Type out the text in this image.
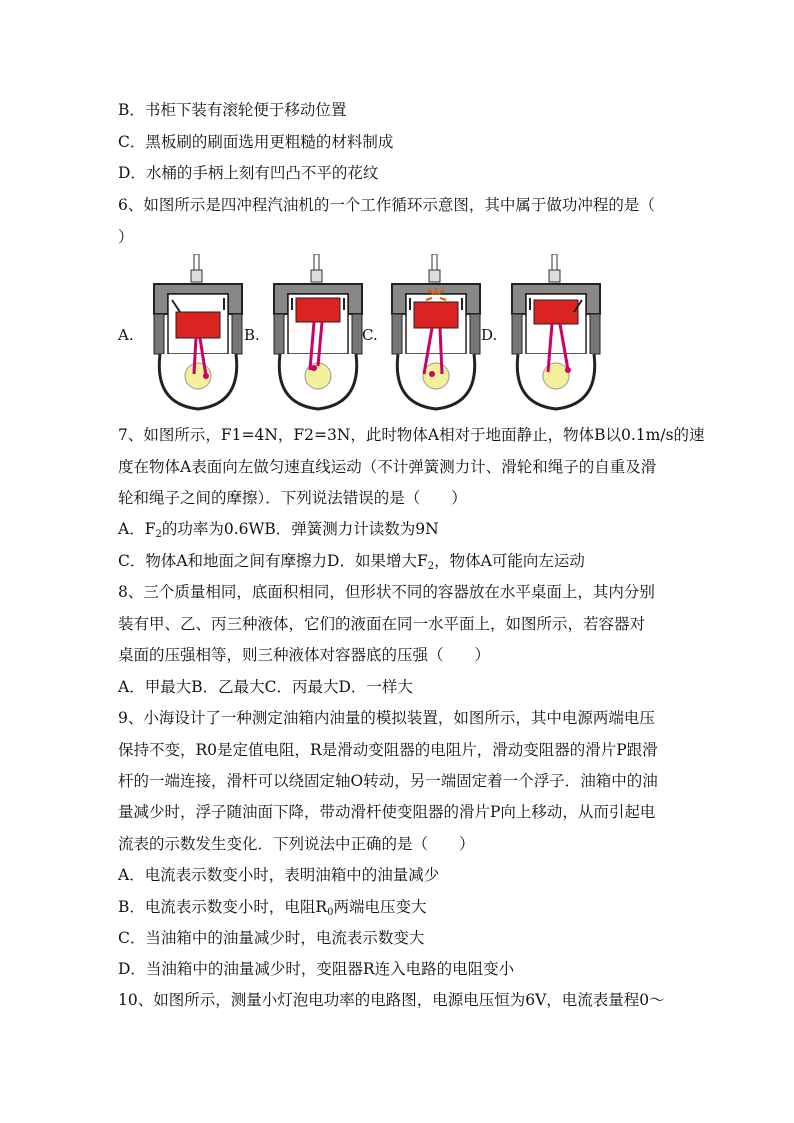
B．书柜下装有滚轮便于移动位置
C．黑板刷的刷面选用更粗糙的材料制成
D．水桶的手柄上刻有凹凸不平的花纹
6、如图所示是四冲程汽油机的一个工作循环示意图，其中属于做功冲程的是（
）
A.	B.	C.	D.
7、如图所示，F1=4N，F2=3N，此时物体A相对于地面静止，物体B以0.1m/s的速
度在物体A表面向左做匀速直线运动（不计弹簧测力计、滑轮和绳子的自重及滑
轮和绳子之间的摩擦）．下列说法错误的是（　　）
A．$F_2$的功率为0.6WB．弹簧测力计读数为9N
C．物体A和地面之间有摩擦力D．如果增大$F_2$，物体A可能向左运动
8、三个质量相同，底面积相同，但形状不同的容器放在水平桌面上，其内分别
装有甲、乙、丙三种液体，它们的液面在同一水平面上，如图所示，若容器对
桌面的压强相等，则三种液体对容器底的压强（　　）
A．甲最大B．乙最大C．丙最大D．一样大
9、小海设计了一种测定油箱内油量的模拟装置，如图所示，其中电源两端电压
保持不变，R0是定值电阻，R是滑动变阻器的电阻片，滑动变阻器的滑片P跟滑
杆的一端连接，滑杆可以绕固定轴O转动，另一端固定着一个浮子．油箱中的油
量减少时，浮子随油面下降，带动滑杆使变阻器的滑片P向上移动，从而引起电
流表的示数发生变化．下列说法中正确的是（　　）
A．电流表示数变小时，表明油箱中的油量减少
B．电流表示数变小时，电阻$R_0$两端电压变大
C．当油箱中的油量减少时，电流表示数变大
D．当油箱中的油量减少时，变阻器R连入电路的电阻变小
10、如图所示，测量小灯泡电功率的电路图，电源电压恒为6V，电流表量程0～
